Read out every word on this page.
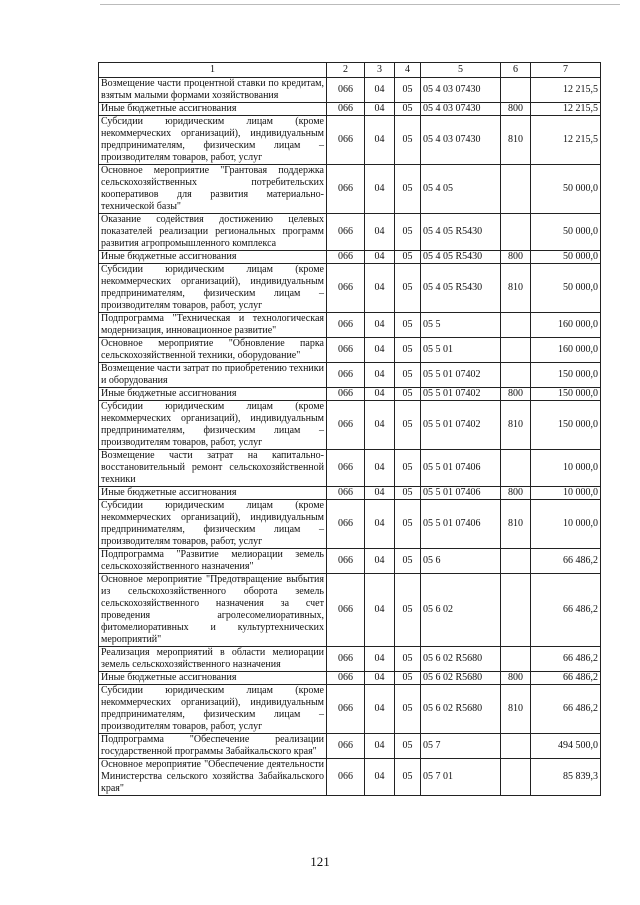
1	2	3	4	5	6	7
Возмещение части процентной ставки по кредитам, взятым малыми формами хозяйствования	066	04	05	05 4 03 07430		12 215,5
Иные бюджетные ассигнования	066	04	05	05 4 03 07430	800	12 215,5
Субсидии юридическим лицам (кроме некоммерческих организаций), индивидуальным предпринимателям, физическим лицам – производителям товаров, работ, услуг	066	04	05	05 4 03 07430	810	12 215,5
Основное мероприятие "Грантовая поддержка сельскохозяйственных потребительских кооперативов для развития материально-технической базы"	066	04	05	05 4 05		50 000,0
Оказание содействия достижению целевых показателей реализации региональных программ развития агропромышленного комплекса	066	04	05	05 4 05 R5430		50 000,0
Иные бюджетные ассигнования	066	04	05	05 4 05 R5430	800	50 000,0
Субсидии юридическим лицам (кроме некоммерческих организаций), индивидуальным предпринимателям, физическим лицам – производителям товаров, работ, услуг	066	04	05	05 4 05 R5430	810	50 000,0
Подпрограмма "Техническая и технологическая модернизация, инновационное развитие"	066	04	05	05 5		160 000,0
Основное мероприятие "Обновление парка сельскохозяйственной техники, оборудование"	066	04	05	05 5 01		160 000,0
Возмещение части затрат по приобретению техники и оборудования	066	04	05	05 5 01 07402		150 000,0
Иные бюджетные ассигнования	066	04	05	05 5 01 07402	800	150 000,0
Субсидии юридическим лицам (кроме некоммерческих организаций), индивидуальным предпринимателям, физическим лицам – производителям товаров, работ, услуг	066	04	05	05 5 01 07402	810	150 000,0
Возмещение части затрат на капитально-восстановительный ремонт сельскохозяйственной техники	066	04	05	05 5 01 07406		10 000,0
Иные бюджетные ассигнования	066	04	05	05 5 01 07406	800	10 000,0
Субсидии юридическим лицам (кроме некоммерческих организаций), индивидуальным предпринимателям, физическим лицам – производителям товаров, работ, услуг	066	04	05	05 5 01 07406	810	10 000,0
Подпрограмма "Развитие мелиорации земель сельскохозяйственного назначения"	066	04	05	05 6		66 486,2
Основное мероприятие "Предотвращение выбытия из сельскохозяйственного оборота земель сельскохозяйственного назначения за счет проведения агролесомелиоративных, фитомелиоративных и культуртехнических мероприятий"	066	04	05	05 6 02		66 486,2
Реализация мероприятий в области мелиорации земель сельскохозяйственного назначения	066	04	05	05 6 02 R5680		66 486,2
Иные бюджетные ассигнования	066	04	05	05 6 02 R5680	800	66 486,2
Субсидии юридическим лицам (кроме некоммерческих организаций), индивидуальным предпринимателям, физическим лицам – производителям товаров, работ, услуг	066	04	05	05 6 02 R5680	810	66 486,2
Подпрограмма "Обеспечение реализации государственной программы Забайкальского края"	066	04	05	05 7		494 500,0
Основное мероприятие "Обеспечение деятельности Министерства сельского хозяйства Забайкальского края"	066	04	05	05 7 01		85 839,3
121
